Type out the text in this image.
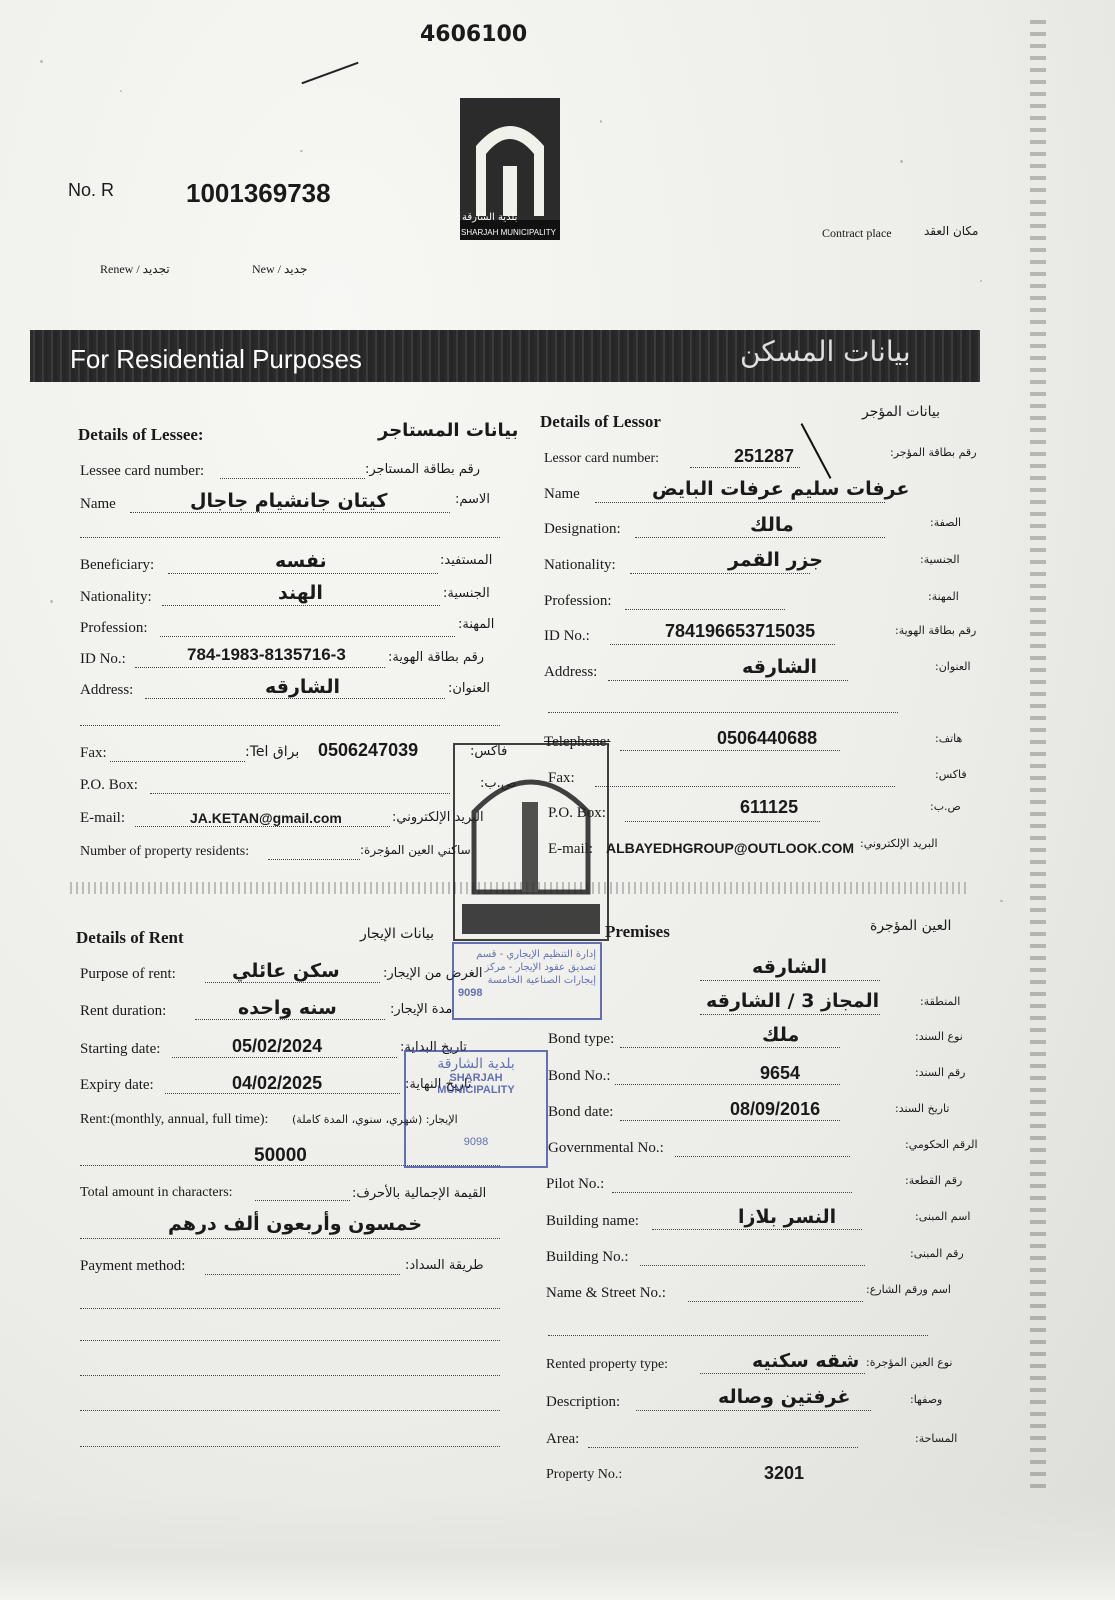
4606100
No. R	1001369738
بلدية الشارقة
SHARJAH MUNICIPALITY
Renew / تجديد	New / جديد
Contract place	مكان العقد
For Residential Purposes	بيانات المسكن
Details of Lessee:	بيانات المستاجر
Lessee card number:	رقم بطاقة المستاجر:
Name	كيتان جانشيام جاجال	الاسم:
Beneficiary:	نفسه	المستفيد:
Nationality:	الهند	الجنسية:
Profession:	المهنة:
ID No.:	784-1983-8135716-3	رقم بطاقة الهوية:
Address:	الشارقه	العنوان:
Fax:	براق Tel: 0506247039	فاكس:
P.O. Box:	ص.ب:
E-mail:	JA.KETAN@gmail.com	البريد الإلكتروني:
Number of property residents:	ساكني العين المؤجرة:
Details of Lessor	بيانات المؤجر
Lessor card number:	251287	رقم بطاقة المؤجر:
Name	عرفات سليم عرفات البايض
Designation:	مالك	الصفة:
Nationality:	جزر القمر	الجنسية:
Profession:	المهنة:
ID No.:	784196653715035	رقم بطاقة الهوية:
Address:	الشارقه	العنوان:
Telephone:	0506440688	هاتف:
Fax:	فاكس:
P.O. Box:	611125	ص.ب:
E-mail: ALBAYEDHGROUP@OUTLOOK.COM البريد الإلكتروني:
Details of Rent	بيانات الإيجار
Purpose of rent:	سكن عائلي	الغرض من الإيجار:
Rent duration:	سنه واحده	مدة الإيجار:
Starting date:	05/02/2024	تاريخ البداية:
Expiry date:	04/02/2025	تاريخ النهاية:
Rent:(monthly, annual, full time): الإيجار: (شهري، سنوي، المدة كاملة)
50000
Total amount in characters:	القيمة الإجمالية بالأحرف:
خمسون وأربعون ألف درهم
Payment method:	طريقة السداد:
Premises	العين المؤجرة
الشارقه
المجاز 3 / الشارقه	المنطقة:
Bond type:	ملك	نوع السند:
Bond No.:	9654	رقم السند:
Bond date:	08/09/2016	تاريخ السند:
Governmental No.:	الرقم الحكومي:
Pilot No.:	رقم القطعة:
Building name:	النسر بلازا	اسم المبنى:
Building No.:	رقم المبنى:
Name & Street No.:	اسم ورقم الشارع:
Rented property type:	شقه سكنيه نوع العين المؤجرة:
Description:	غرفتين وصاله	وصفها:
Area:	المساحة:
Property No.:	3201
إدارة التنظيم الإيجاري - قسم تصديق عقود الإيجار - مركز إيجارات الصناعية الخامسة
9098
بلدية الشارقة
SHARJAH MUNICIPALITY
9098
